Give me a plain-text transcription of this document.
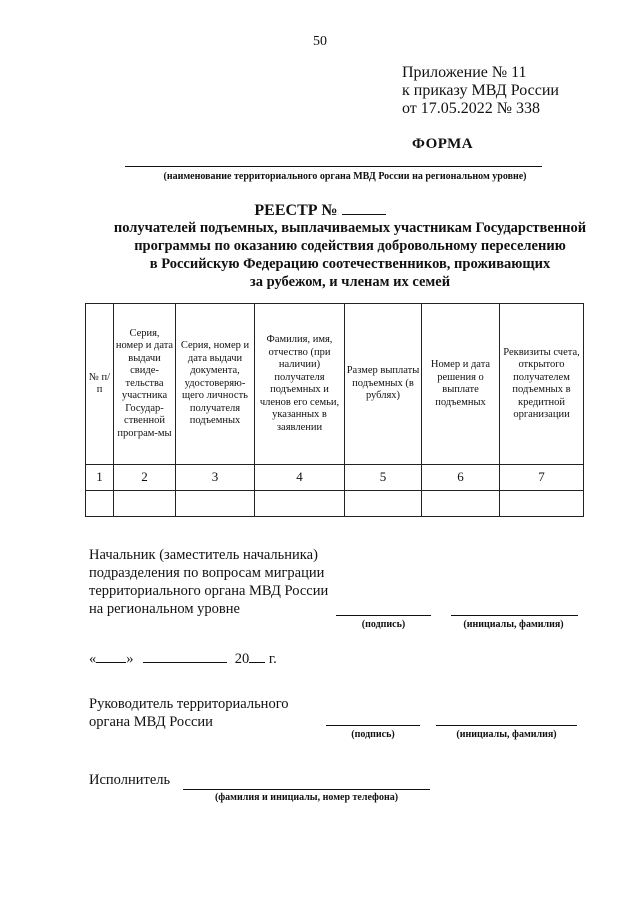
50
Приложение № 11
к приказу МВД России
от 17.05.2022 № 338
ФОРМА
(наименование территориального органа МВД России на региональном уровне)
РЕЕСТР №
получателей подъемных, выплачиваемых участникам Государственной
программы по оказанию содействия добровольному переселению
в Российскую Федерацию соотечественников, проживающих
за рубежом, и членам их семей
№ п/п	Серия, номер и дата выдачи свиде-тельства участника Государ-ственной програм-мы	Серия, номер и дата выдачи документа, удостоверяю-щего личность получателя подъемных	Фамилия, имя, отчество (при наличии) получателя подъемных и членов его семьи, указанных в заявлении	Размер выплаты подъемных (в рублях)	Номер и дата решения о выплате подъемных	Реквизиты счета, открытого получателем подъемных в кредитной организации
1	2	3	4	5	6	7

Начальник (заместитель начальника)
подразделения по вопросам миграции
территориального органа МВД России
на региональном уровне
(подпись)	(инициалы, фамилия)
« »	20 г.
Руководитель территориального
органа МВД России
(подпись)	(инициалы, фамилия)
Исполнитель
(фамилия и инициалы, номер телефона)
